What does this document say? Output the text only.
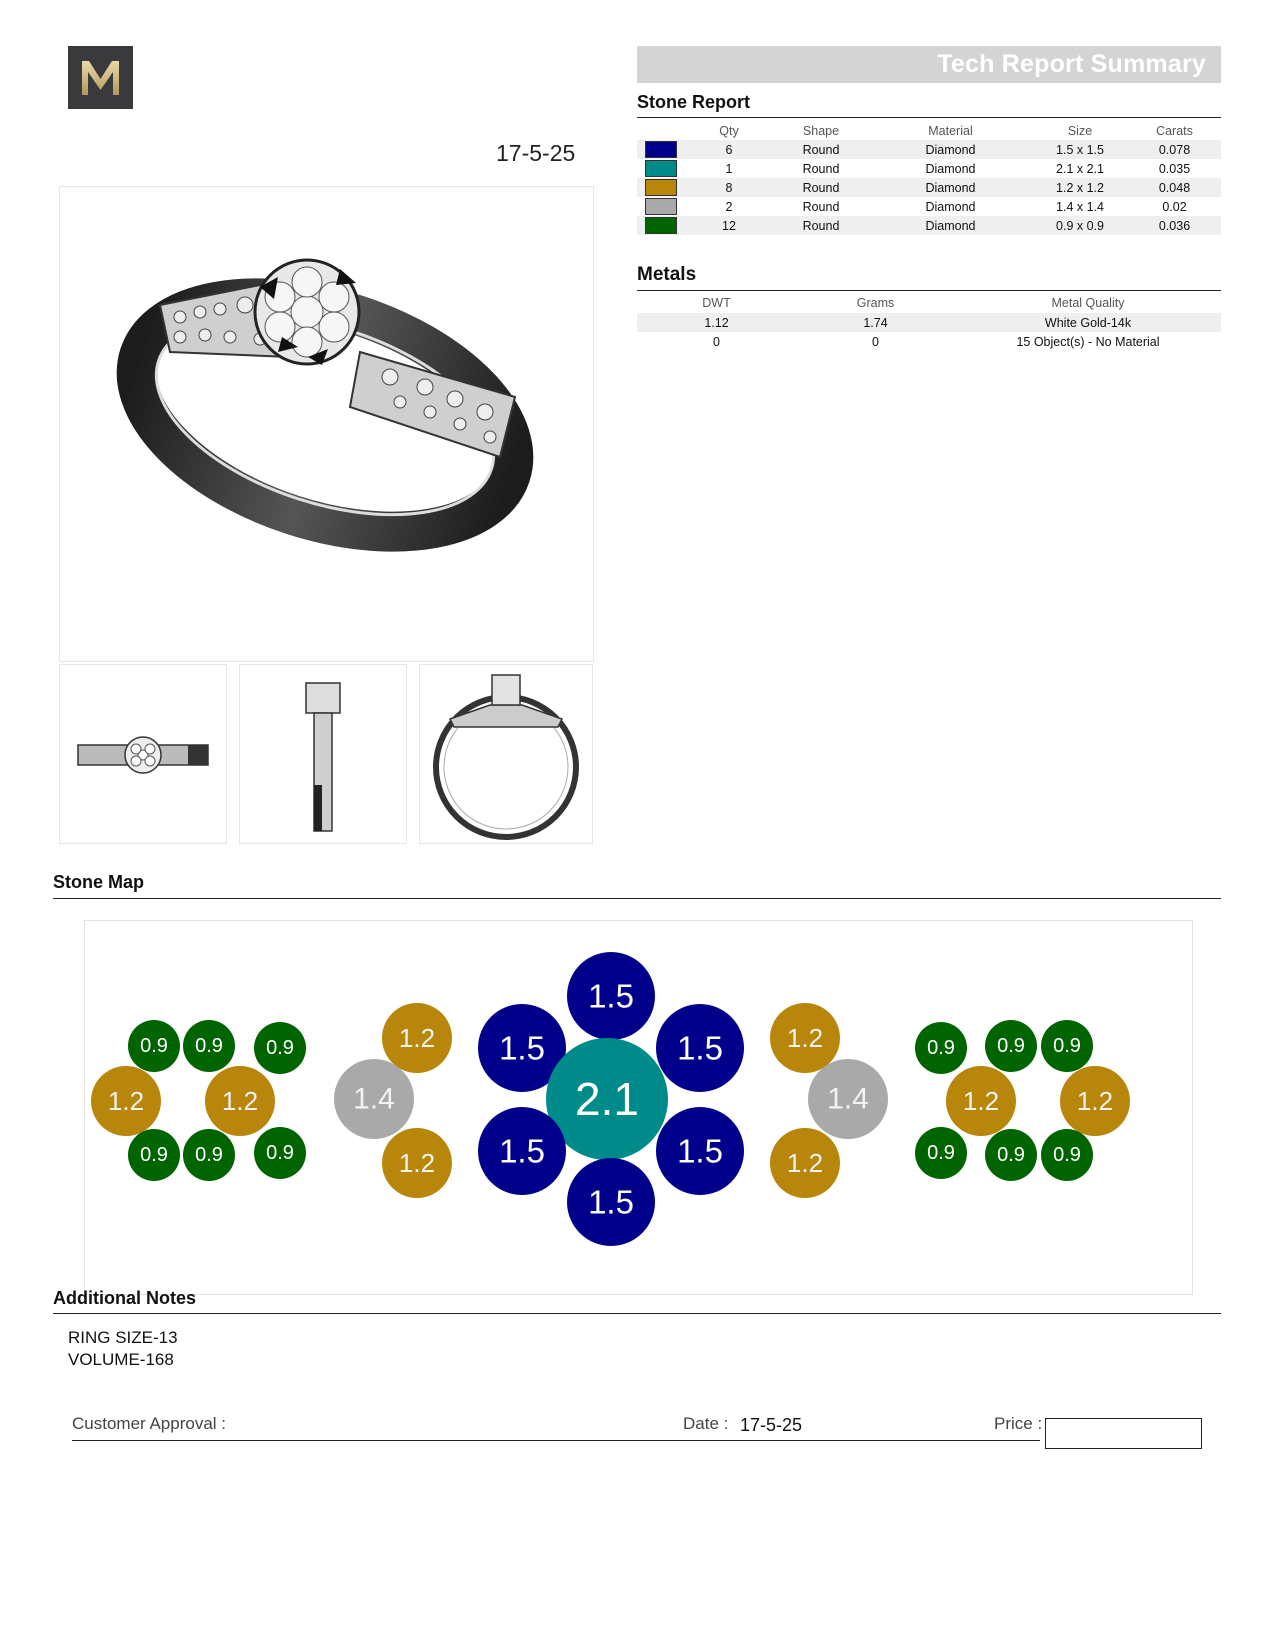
Tech Report Summary
17-5-25
Stone Report
	Qty	Shape	Material	Size	Carats
	6	Round	Diamond	1.5 x 1.5	0.078
	1	Round	Diamond	2.1 x 2.1	0.035
	8	Round	Diamond	1.2 x 1.2	0.048
	2	Round	Diamond	1.4 x 1.4	0.02
	12	Round	Diamond	0.9 x 0.9	0.036
Metals
DWT	Grams	Metal Quality
1.12	1.74	White Gold-14k
0	0	15 Object(s) - No Material
Stone Map
0.9 0.9 0.9
1.2	1.2
0.9 0.9 0.9
1.2
1.4
1.2
1.5
1.5	1.5
2.1
1.5	1.5
1.5
1.2
1.4
1.2
0.9 0.9 0.9
1.2	1.2
0.9 0.9 0.9
Additional Notes
RING SIZE-13
VOLUME-168
Customer Approval :	Date : 17-5-25	Price :
